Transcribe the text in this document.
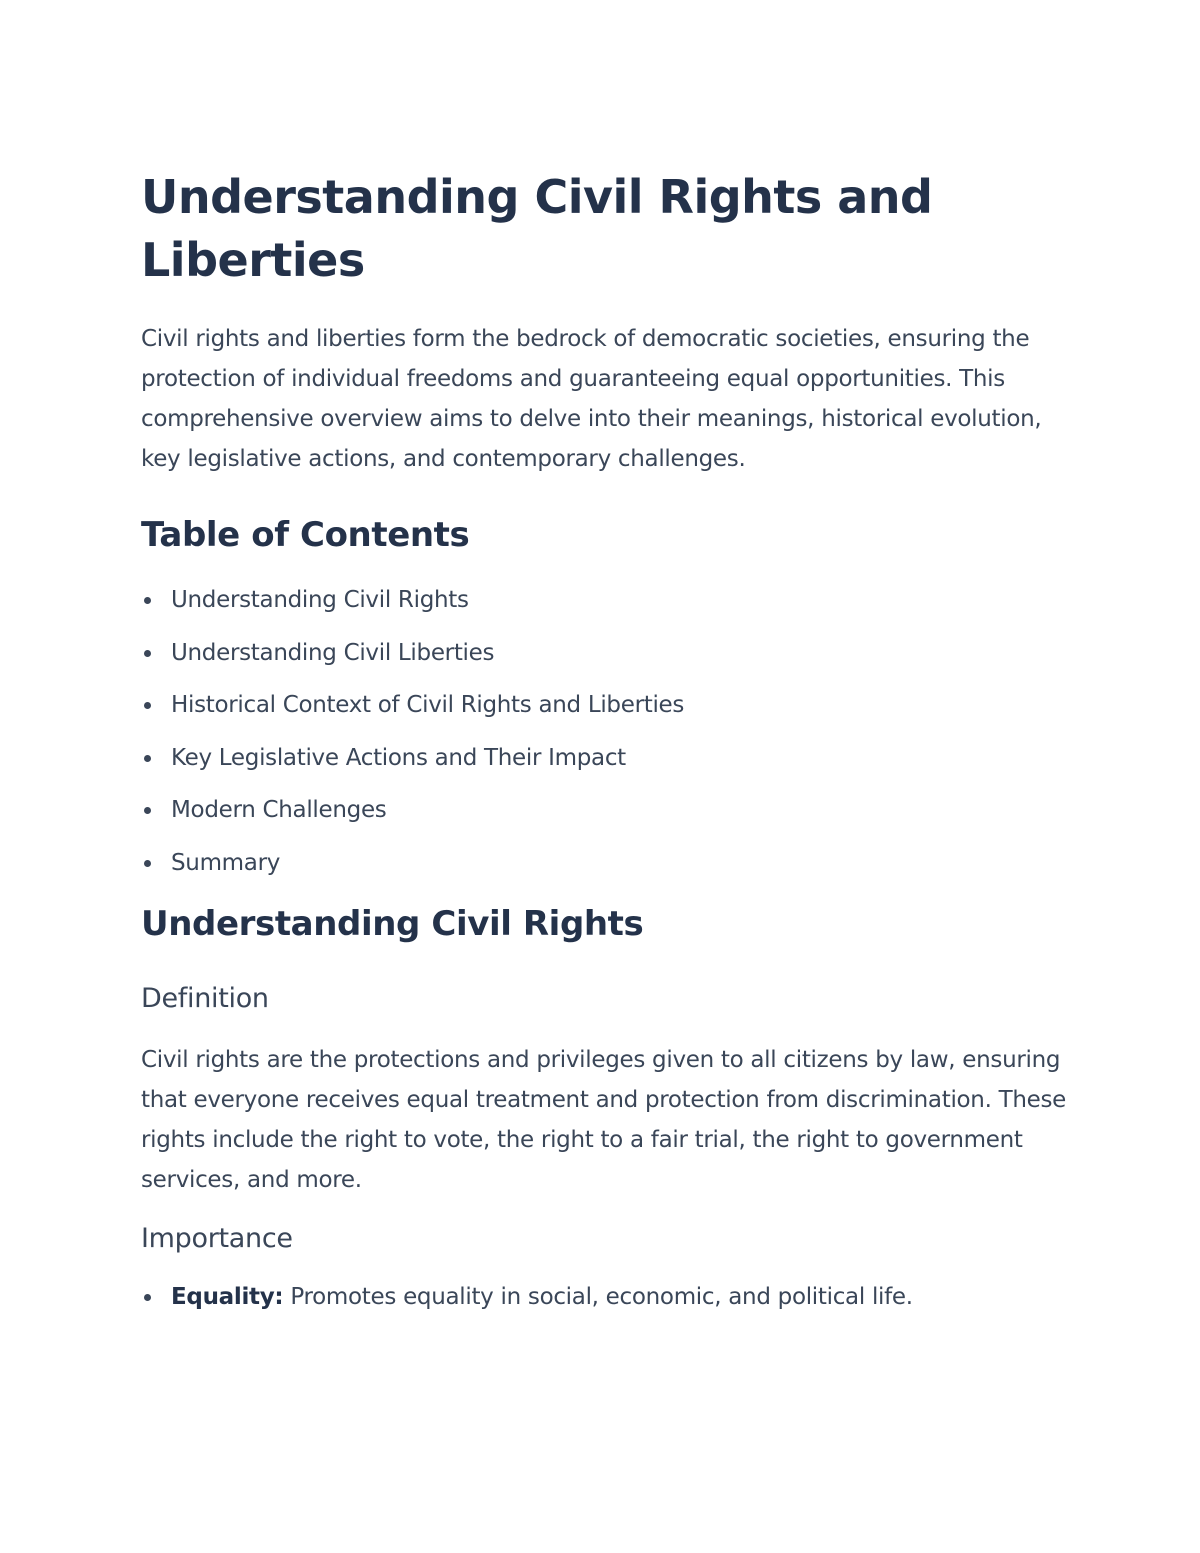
Understanding Civil Rights and Liberties

Civil rights and liberties form the bedrock of democratic societies, ensuring the protection of individual freedoms and guaranteeing equal opportunities. This comprehensive overview aims to delve into their meanings, historical evolution, key legislative actions, and contemporary challenges.

Table of Contents
Understanding Civil Rights
Understanding Civil Liberties
Historical Context of Civil Rights and Liberties
Key Legislative Actions and Their Impact
Modern Challenges
Summary
Understanding Civil Rights
Definition

Civil rights are the protections and privileges given to all citizens by law, ensuring that everyone receives equal treatment and protection from discrimination. These rights include the right to vote, the right to a fair trial, the right to government services, and more.

Importance
Equality: Promotes equality in social, economic, and political life.
